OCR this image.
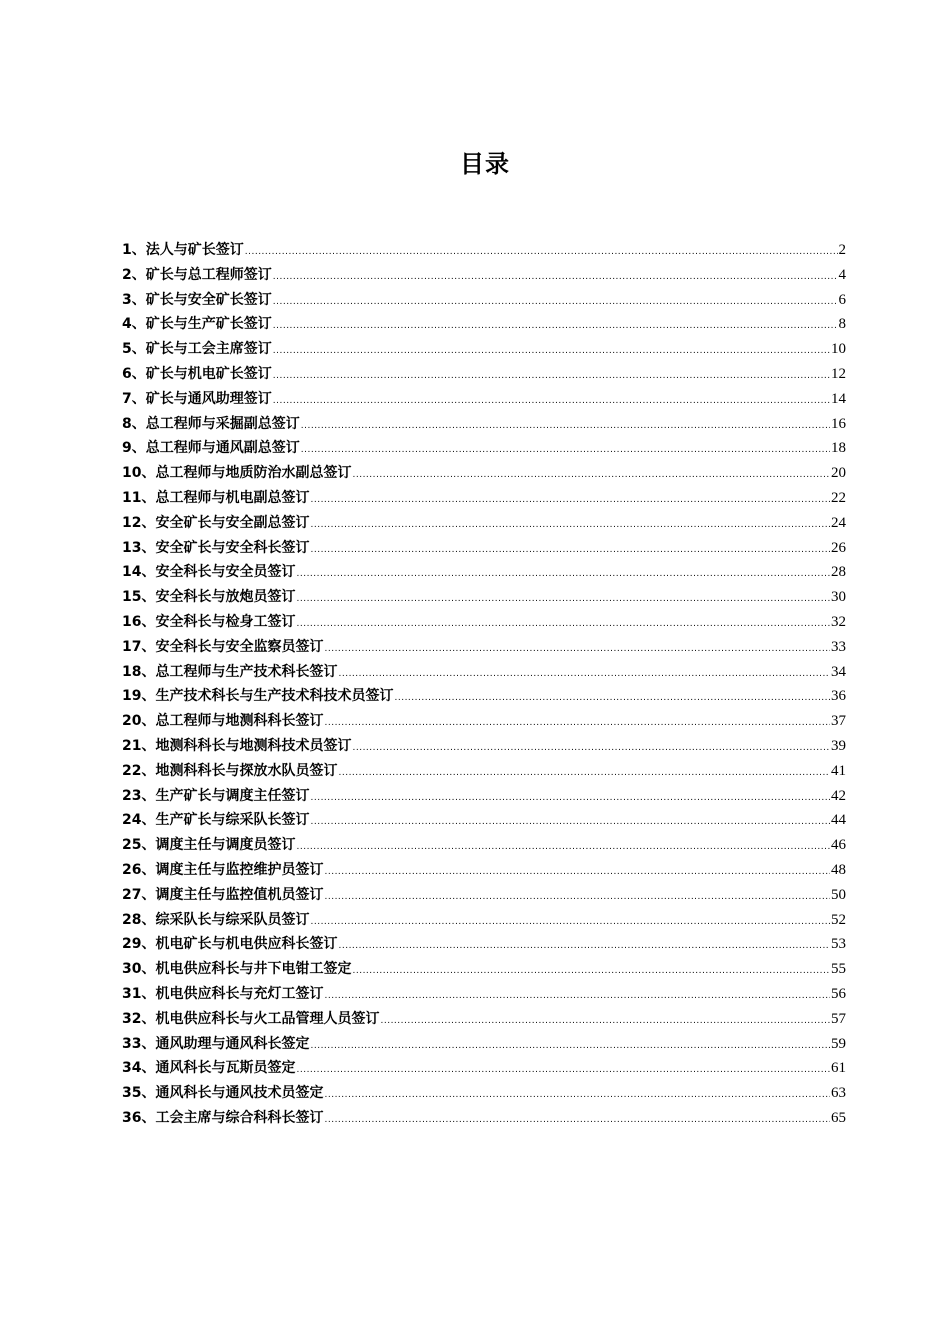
目录
1、法人与矿长签订 .....	2
2、矿长与总工程师签订 .....	4
3、矿长与安全矿长签订 .....	6
4、矿长与生产矿长签订 .....	8
5、矿长与工会主席签订 .....	10
6、矿长与机电矿长签订 .....	12
7、矿长与通风助理签订 .....	14
8、总工程师与采掘副总签订 .....	16
9、总工程师与通风副总签订 .....	18
10、总工程师与地质防治水副总签订 .....	20
11、总工程师与机电副总签订 .....	22
12、安全矿长与安全副总签订 .....	24
13、安全矿长与安全科长签订 .....	26
14、安全科长与安全员签订 .....	28
15、安全科长与放炮员签订 .....	30
16、安全科长与检身工签订 .....	32
17、安全科长与安全监察员签订 .....	33
18、总工程师与生产技术科长签订 .....	34
19、生产技术科长与生产技术科技术员签订 .....	36
20、总工程师与地测科科长签订 .....	37
21、地测科科长与地测科技术员签订 .....	39
22、地测科科长与探放水队员签订 .....	41
23、生产矿长与调度主任签订 .....	42
24、生产矿长与综采队长签订 .....	44
25、调度主任与调度员签订 .....	46
26、调度主任与监控维护员签订 .....	48
27、调度主任与监控值机员签订 .....	50
28、综采队长与综采队员签订 .....	52
29、机电矿长与机电供应科长签订 .....	53
30、机电供应科长与井下电钳工签定 .....	55
31、机电供应科长与充灯工签订 .....	56
32、机电供应科长与火工品管理人员签订 .....	57
33、通风助理与通风科长签定 .....	59
34、通风科长与瓦斯员签定 .....	61
35、通风科长与通风技术员签定 .....	63
36、工会主席与综合科科长签订 .....	65
